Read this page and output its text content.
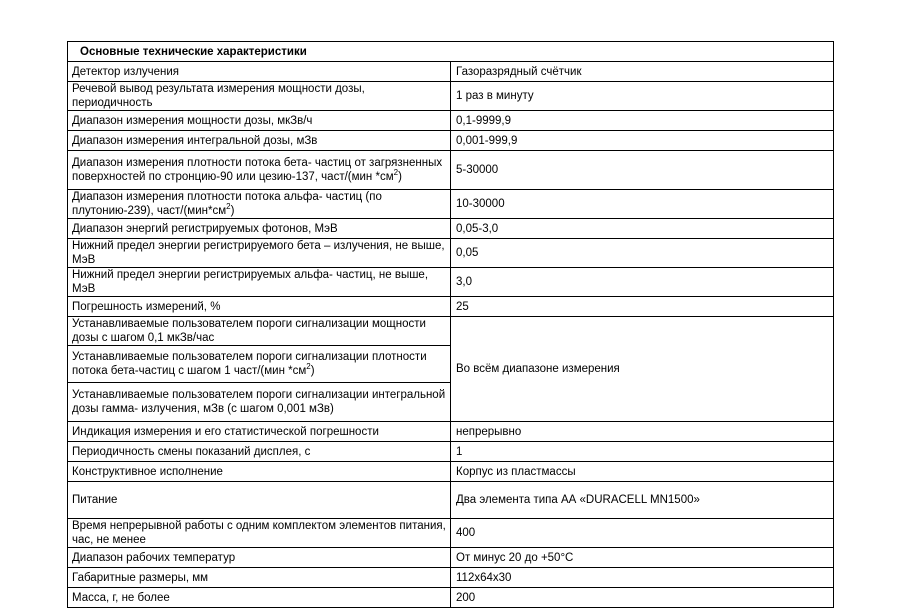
Основные технические характеристики	
Детектор излучения	Газоразрядный счётчик
Речевой вывод результата измерения мощности дозы, периодичность	1 раз в минуту
Диапазон измерения мощности дозы, мкЗв/ч	0,1-9999,9
Диапазон измерения интегральной дозы, мЗв	0,001-999,9
Диапазон измерения плотности потока бета- частиц от загрязненных поверхностей по стронцию-90 или цезию-137, част/(мин $*см^2$)	5-30000
Диапазон измерения плотности потока альфа- частиц (по плутонию-239), част/$(мин*см^2)$	10-30000
Диапазон энергий регистрируемых фотонов, МэВ	0,05-3,0
Нижний предел энергии регистрируемого бета – излучения, не выше, МэВ	0,05
Нижний предел энергии регистрируемых альфа- частиц, не выше, МэВ	3,0
Погрешность измерений, %	25
Устанавливаемые пользователем пороги сигнализации мощности дозы с шагом 0,1 мкЗв/час	Во всём диапазоне измерения
Устанавливаемые пользователем пороги сигнализации плотности потока бета-частиц с шагом 1 част/(мин $*см^2$)	
Устанавливаемые пользователем пороги сигнализации интегральной дозы гамма- излучения, мЗв (с шагом 0,001 мЗв)	
Индикация измерения и его статистической погрешности	непрерывно
Периодичность смены показаний дисплея, с	1
Конструктивное исполнение	Корпус из пластмассы
Питание	Два элемента типа АА «DURACELL MN1500»
Время непрерывной работы с одним комплектом элементов питания, час, не менее	400
Диапазон рабочих температур	От минус 20 до +50°С
Габаритные размеры, мм	112х64х30
Масса, г, не более	200
